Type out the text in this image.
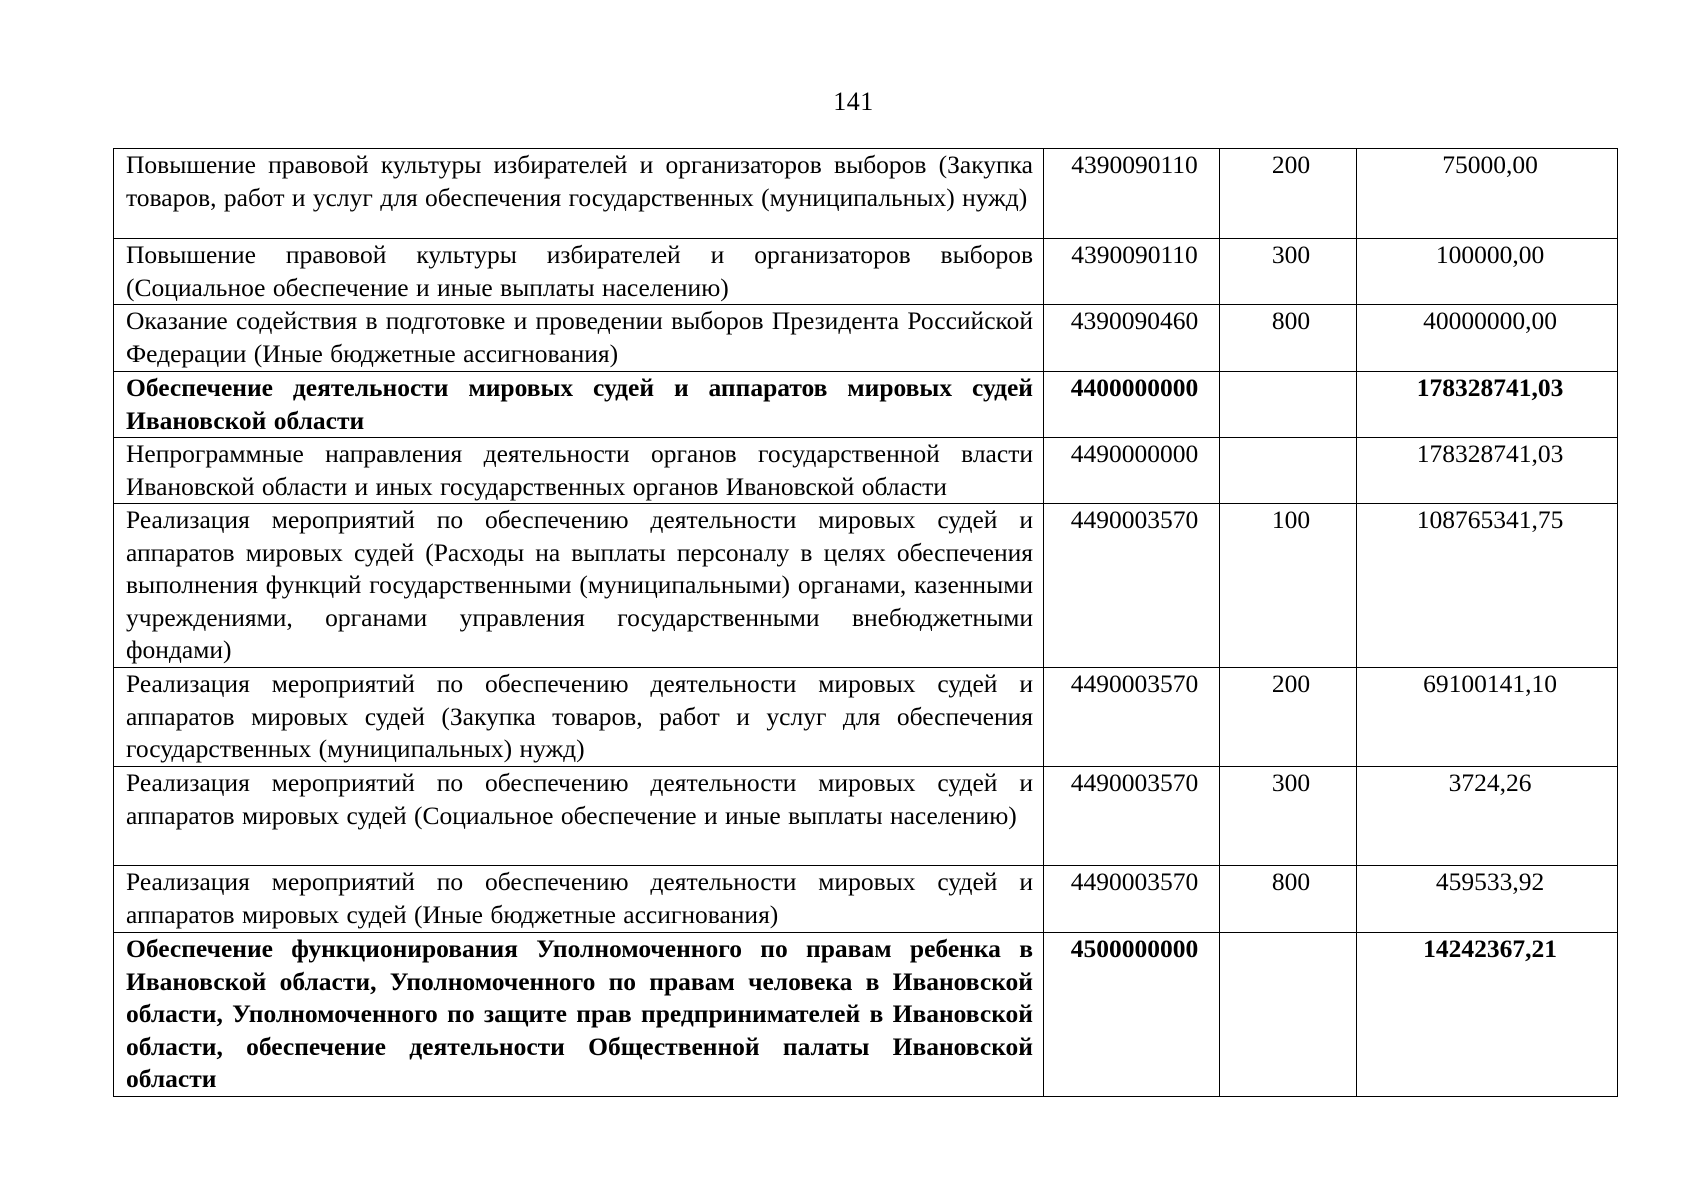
141
Повышение правовой культуры избирателей и организаторов выборов (Закупка товаров, работ и услуг для обеспечения государственных (муниципальных) нужд)	4390090110	200	75000,00
Повышение правовой культуры избирателей и организаторов выборов (Социальное обеспечение и иные выплаты населению)	4390090110	300	100000,00
Оказание содействия в подготовке и проведении выборов Президента Российской Федерации (Иные бюджетные ассигнования)	4390090460	800	40000000,00
Обеспечение деятельности мировых судей и аппаратов мировых судей Ивановской области	4400000000		178328741,03
Непрограммные направления деятельности органов государственной власти Ивановской области и иных государственных органов Ивановской области	4490000000		178328741,03
Реализация мероприятий по обеспечению деятельности мировых судей и аппаратов мировых судей (Расходы на выплаты персоналу в целях обеспечения выполнения функций государственными (муниципальными) органами, казенными учреждениями, органами управления государственными внебюджетными фондами)	4490003570	100	108765341,75
Реализация мероприятий по обеспечению деятельности мировых судей и аппаратов мировых судей (Закупка товаров, работ и услуг для обеспечения государственных (муниципальных) нужд)	4490003570	200	69100141,10
Реализация мероприятий по обеспечению деятельности мировых судей и аппаратов мировых судей (Социальное обеспечение и иные выплаты населению)	4490003570	300	3724,26
Реализация мероприятий по обеспечению деятельности мировых судей и аппаратов мировых судей (Иные бюджетные ассигнования)	4490003570	800	459533,92
Обеспечение функционирования Уполномоченного по правам ребенка в Ивановской области, Уполномоченного по правам человека в Ивановской области, Уполномоченного по защите прав предпринимателей в Ивановской области, обеспечение деятельности Общественной палаты Ивановской области	4500000000		14242367,21
